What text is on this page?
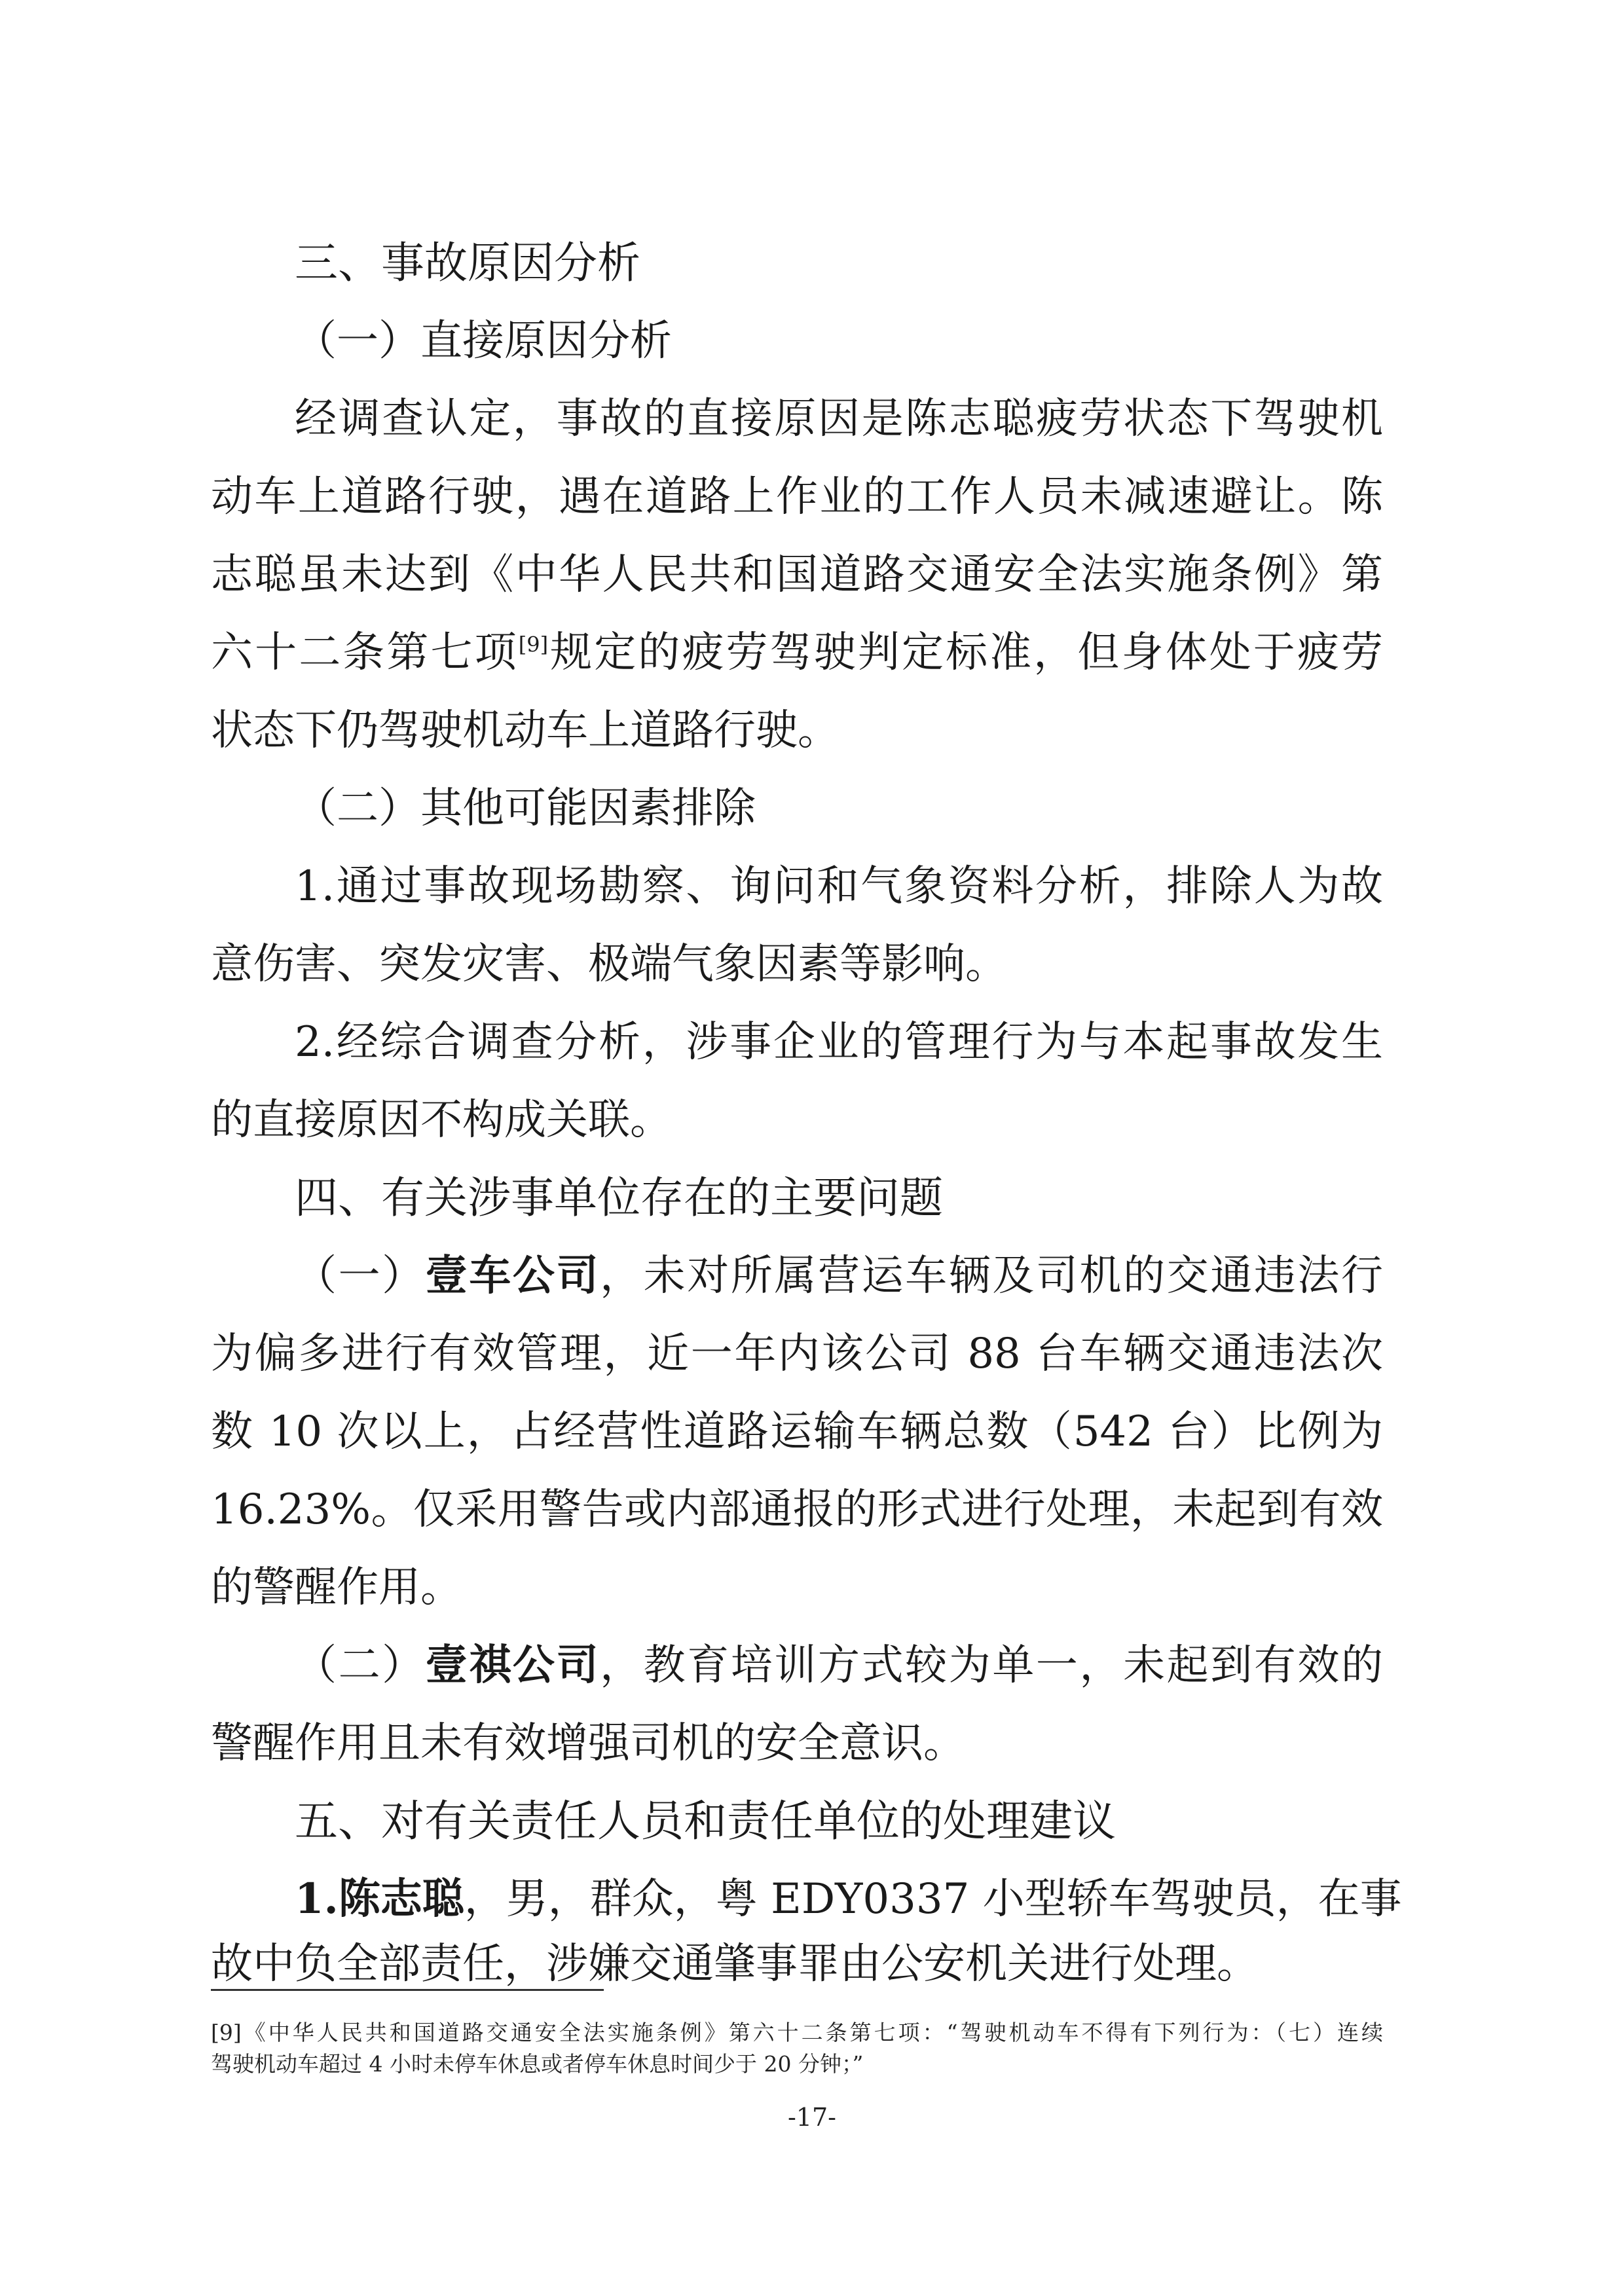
三、事故原因分析
（一）直接原因分析
经调查认定，事故的直接原因是陈志聪疲劳状态下驾驶机
动车上道路行驶，遇在道路上作业的工作人员未减速避让。陈
志聪虽未达到《中华人民共和国道路交通安全法实施条例》第
六十二条第七项[9]规定的疲劳驾驶判定标准，但身体处于疲劳
状态下仍驾驶机动车上道路行驶。
（二）其他可能因素排除
1.通过事故现场勘察、询问和气象资料分析，排除人为故
意伤害、突发灾害、极端气象因素等影响。
2.经综合调查分析，涉事企业的管理行为与本起事故发生
的直接原因不构成关联。
四、有关涉事单位存在的主要问题
（一）壹车公司，未对所属营运车辆及司机的交通违法行
为偏多进行有效管理，近一年内该公司 88 台车辆交通违法次
数 10 次以上，占经营性道路运输车辆总数（542 台）比例为
16.23%。仅采用警告或内部通报的形式进行处理，未起到有效
的警醒作用。
（二）壹祺公司，教育培训方式较为单一，未起到有效的
警醒作用且未有效增强司机的安全意识。
五、对有关责任人员和责任单位的处理建议
1.陈志聪，男，群众，粤 EDY0337 小型轿车驾驶员，在事
故中负全部责任，涉嫌交通肇事罪由公安机关进行处理。
[9]《中华人民共和国道路交通安全法实施条例》第六十二条第七项：“驾驶机动车不得有下列行为：（七）连续
驾驶机动车超过 4 小时未停车休息或者停车休息时间少于 20 分钟；”
-17-
